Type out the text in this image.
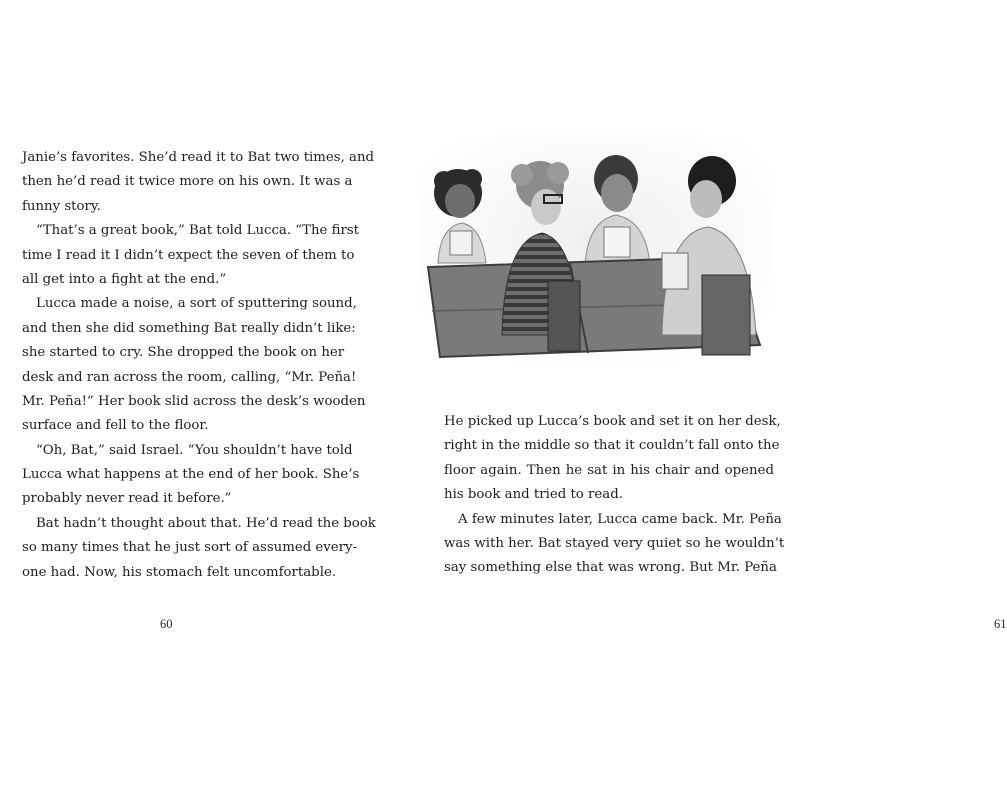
Janie’s favorites. She’d read it to Bat two times, and
then he’d read it twice more on his own. It was a
funny story.
“That’s a great book,” Bat told Lucca. “The first
time I read it I didn’t expect the seven of them to
all get into a fight at the end.”
Lucca made a noise, a sort of sputtering sound,
and then she did something Bat really didn’t like:
she started to cry. She dropped the book on her
desk and ran across the room, calling, “Mr. Peña!
Mr. Peña!” Her book slid across the desk’s wooden
surface and fell to the floor.
“Oh, Bat,” said Israel. “You shouldn’t have told
Lucca what happens at the end of her book. She’s
probably never read it before.”
Bat hadn’t thought about that. He’d read the book
so many times that he just sort of assumed every-
one had. Now, his stomach felt uncomfortable.
60	61
He picked up Lucca’s book and set it on her desk,
right in the middle so that it couldn’t fall onto the
floor again. Then he sat in his chair and opened
his book and tried to read.
A few minutes later, Lucca came back. Mr. Peña
was with her. Bat stayed very quiet so he wouldn’t
say something else that was wrong. But Mr. Peña
